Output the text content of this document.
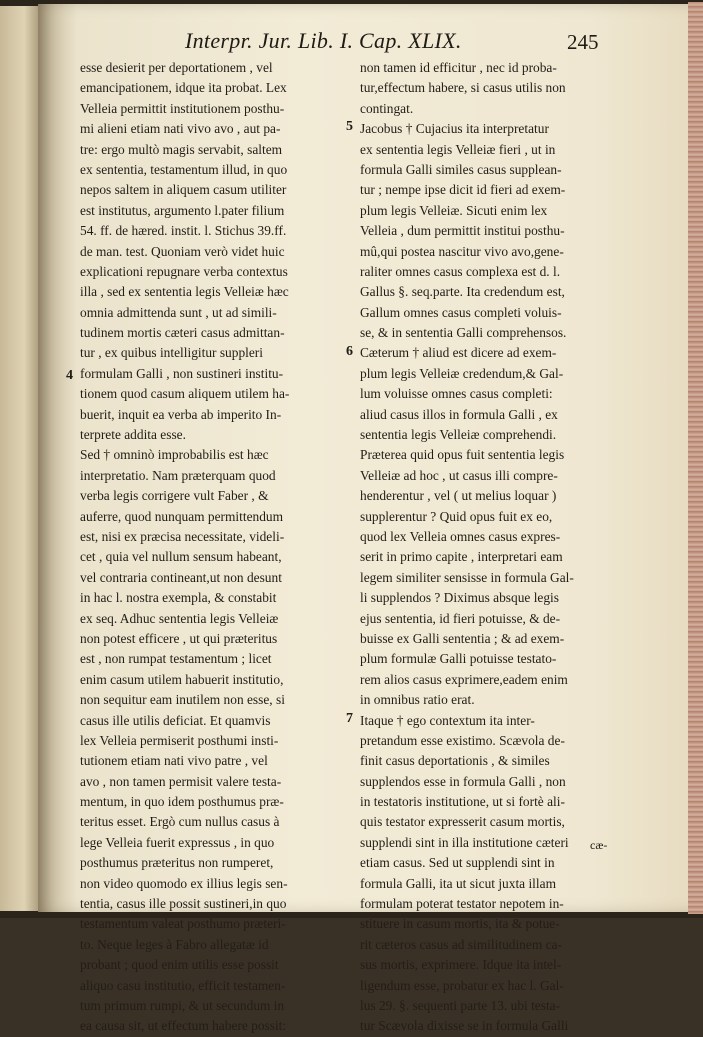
Interpr. Jur. Lib. I. Cap. XLIX.	245
esse desierit per deportationem , vel
emancipationem, idque ita probat. Lex
Velleia permittit institutionem posthu-
mi alieni etiam nati vivo avo , aut pa-
tre: ergo multò magis servabit, saltem
ex sententia, testamentum illud, in quo
nepos saltem in aliquem casum utiliter
est institutus, argumento l.pater filium
54. ff. de hæred. instit. l. Stichus 39.ff.
de man. test. Quoniam verò videt huic
explicationi repugnare verba contextus
illa , sed ex sententia legis Velleiæ hæc
omnia admittenda sunt , ut ad simili-
tudinem mortis cæteri casus admittan-
tur , ex quibus intelligitur suppleri
formulam Galli , non sustineri institu-
tionem quod casum aliquem utilem ha-
buerit, inquit ea verba ab imperito In-
terprete addita esse.
Sed † omninò improbabilis est hæc
interpretatio. Nam præterquam quod
verba legis corrigere vult Faber , &
auferre, quod nunquam permittendum
est, nisi ex præcisa necessitate, videli-
cet , quia vel nullum sensum habeant,
vel contraria contineant,ut non desunt
in hac l. nostra exempla, & constabit
ex seq. Adhuc sententia legis Velleiæ
non potest efficere , ut qui præteritus
est , non rumpat testamentum ; licet
enim casum utilem habuerit institutio,
non sequitur eam inutilem non esse, si
casus ille utilis deficiat. Et quamvis
lex Velleia permiserit posthumi insti-
tutionem etiam nati vivo patre , vel
avo , non tamen permisit valere testa-
mentum, in quo idem posthumus præ-
teritus esset. Ergò cum nullus casus à
lege Velleia fuerit expressus , in quo
posthumus præteritus non rumperet,
non video quomodo ex illius legis sen-
tentia, casus ille possit sustineri,in quo
testamentum valeat posthumo præteri-
to. Neque leges à Fabro allegatæ id
probant ; quod enim utilis esse possit
aliquo casu institutio, efficit testamen-
tum primum rumpi, & ut secundum in
ea causa sit, ut effectum habere possit:
non tamen id efficitur , nec id proba-
tur,effectum habere, si casus utilis non
contingat.
Jacobus † Cujacius ita interpretatur
ex sententia legis Velleiæ fieri , ut in
formula Galli similes casus supplean-
tur ; nempe ipse dicit id fieri ad exem-
plum legis Velleiæ. Sicuti enim lex
Velleia , dum permittit institui posthu-
mû,qui postea nascitur vivo avo,gene-
raliter omnes casus complexa est d. l.
Gallus §. seq.parte. Ita credendum est,
Gallum omnes casus completi voluis-
se, & in sententia Galli comprehensos.
Cæterum † aliud est dicere ad exem-
plum legis Velleiæ credendum,& Gal-
lum voluisse omnes casus completi:
aliud casus illos in formula Galli , ex
sententia legis Velleiæ comprehendi.
Præterea quid opus fuit sententia legis
Velleiæ ad hoc , ut casus illi compre-
henderentur , vel ( ut melius loquar )
supplerentur ? Quid opus fuit ex eo,
quod lex Velleia omnes casus expres-
serit in primo capite , interpretari eam
legem similiter sensisse in formula Gal-
li supplendos ? Diximus absque legis
ejus sententia, id fieri potuisse, & de-
buisse ex Galli sententia ; & ad exem-
plum formulæ Galli potuisse testato-
rem alios casus exprimere,eadem enim
in omnibus ratio erat.
Itaque † ego contextum ita inter-
pretandum esse existimo. Scævola de-
finit casus deportationis , & similes
supplendos esse in formula Galli , non
in testatoris institutione, ut si fortè ali-
quis testator expresserit casum mortis,
supplendi sint in illa institutione cæteri
etiam casus. Sed ut supplendi sint in
formula Galli, ita ut sicut juxta illam
formulam poterat testator nepotem in-
stituere in casum mortis, ita & potue-
rit cæteros casus ad similitudinem ca-
sus mortis, exprimere. Idque ita intel-
ligendum esse, probatur ex hac l. Gal-
lus 29. §. sequenti parte 13. ubi testa-
tur Scævola dixisse se in formula Galli
4
5
6
7
cæ-
